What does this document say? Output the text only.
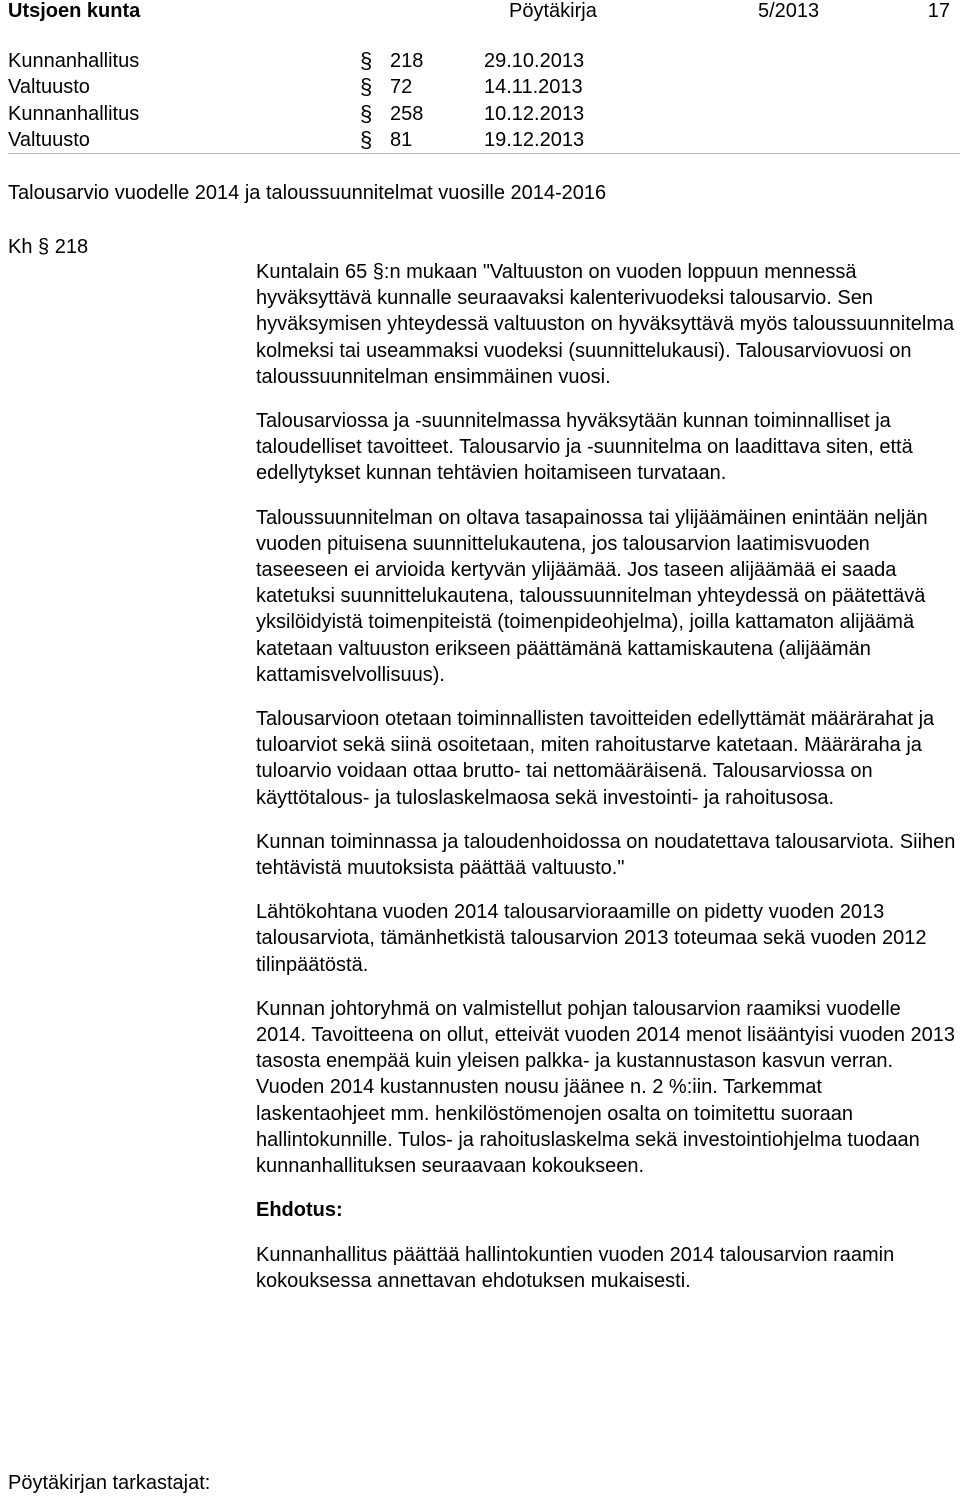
Utsjoen kunta	Pöytäkirja	5/2013	17
Kunnanhallitus	§ 218	29.10.2013
Valtuusto	§ 72	14.11.2013
Kunnanhallitus	§ 258	10.12.2013
Valtuusto	§ 81	19.12.2013
Talousarvio vuodelle 2014 ja taloussuunnitelmat vuosille 2014-2016
Kh § 218

Kuntalain 65 §:n mukaan "Valtuuston on vuoden loppuun mennessä hyväksyttävä kunnalle seuraavaksi kalenterivuodeksi talousarvio. Sen hyväksymisen yhteydessä valtuuston on hyväksyttävä myös taloussuunnitelma kolmeksi tai useammaksi vuodeksi (suunnittelukausi). Talousarviovuosi on taloussuunnitelman ensimmäinen vuosi.

Talousarviossa ja -suunnitelmassa hyväksytään kunnan toiminnalliset ja taloudelliset tavoitteet. Talousarvio ja -suunnitelma on laadittava siten, että edellytykset kunnan tehtävien hoitamiseen turvataan.

Taloussuunnitelman on oltava tasapainossa tai ylijäämäinen enintään neljän vuoden pituisena suunnittelukautena, jos talousarvion laatimisvuoden taseeseen ei arvioida kertyvän ylijäämää. Jos taseen alijäämää ei saada katetuksi suunnittelukautena, taloussuunnitelman yhteydessä on päätettävä yksilöidyistä toimenpiteistä (toimenpideohjelma), joilla kattamaton alijäämä katetaan valtuuston erikseen päättämänä kattamiskautena (alijäämän kattamisvelvollisuus).

Talousarvioon otetaan toiminnallisten tavoitteiden edellyttämät määrärahat ja tuloarviot sekä siinä osoitetaan, miten rahoitustarve katetaan. Määräraha ja tuloarvio voidaan ottaa brutto- tai nettomääräisenä. Talousarviossa on käyttötalous- ja tuloslaskelmaosa sekä investointi- ja rahoitusosa.

Kunnan toiminnassa ja taloudenhoidossa on noudatettava talousarviota. Siihen tehtävistä muutoksista päättää valtuusto."

Lähtökohtana vuoden 2014 talousarvioraamille on pidetty vuoden 2013 talousarviota, tämänhetkistä talousarvion 2013 toteumaa sekä vuoden 2012 tilinpäätöstä.

Kunnan johtoryhmä on valmistellut pohjan talousarvion raamiksi vuodelle 2014. Tavoitteena on ollut, etteivät vuoden 2014 menot lisääntyisi vuoden 2013 tasosta enempää kuin yleisen palkka- ja kustannustason kasvun verran. Vuoden 2014 kustannusten nousu jäänee n. 2 %:iin. Tarkemmat laskentaohjeet mm. henkilöstömenojen osalta on toimitettu suoraan hallintokunnille. Tulos- ja rahoituslaskelma sekä investointiohjelma tuodaan kunnanhallituksen seuraavaan kokoukseen.

Ehdotus:

Kunnanhallitus päättää hallintokuntien vuoden 2014 talousarvion raamin kokouksessa annettavan ehdotuksen mukaisesti.

Pöytäkirjan tarkastajat:
